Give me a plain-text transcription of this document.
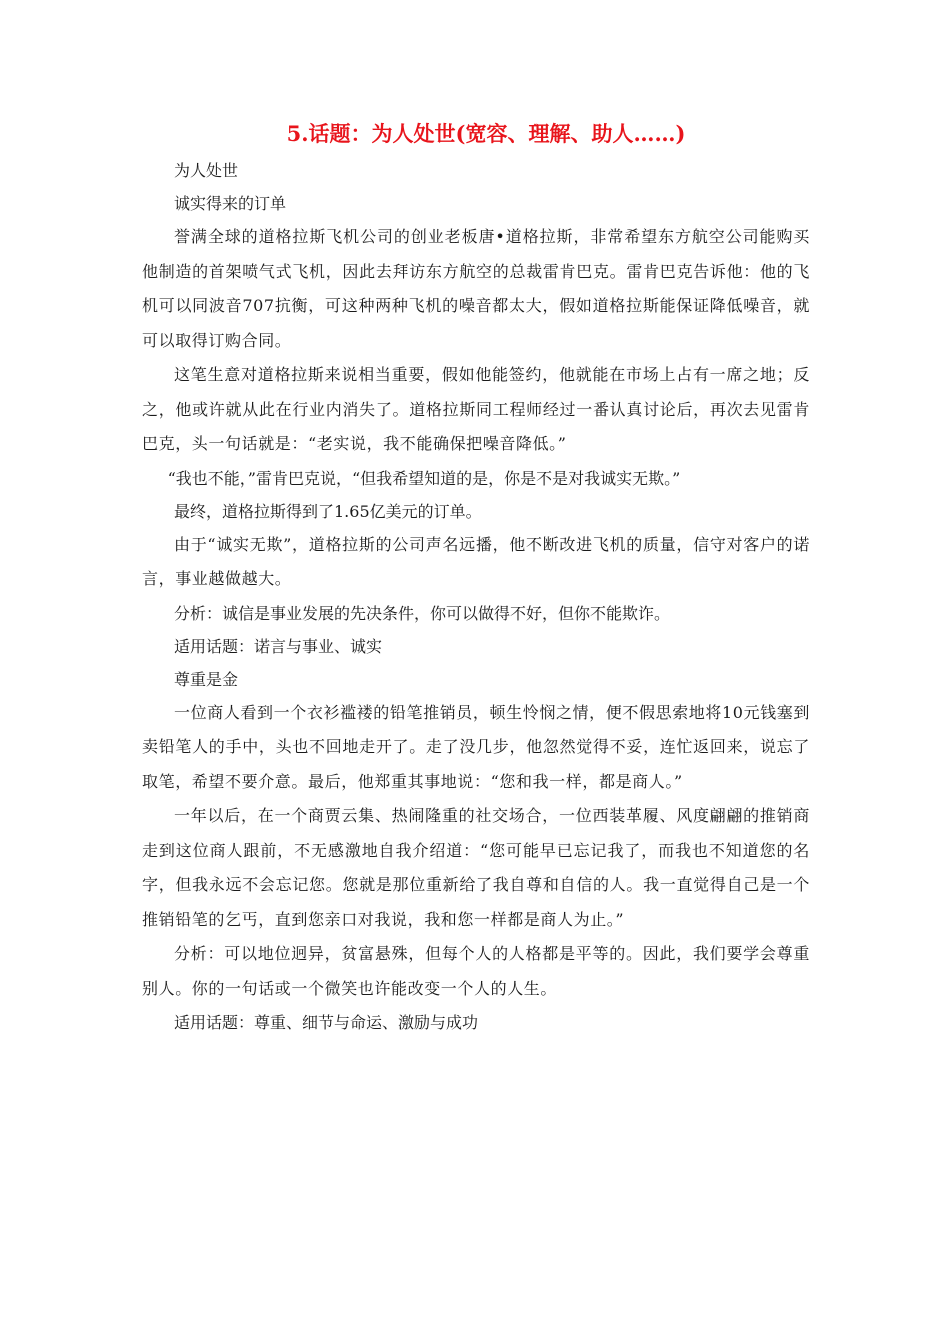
5.话题：为人处世(宽容、理解、助人……)

为人处世

诚实得来的订单

誉满全球的道格拉斯飞机公司的创业老板唐•道格拉斯，非常希望东方航空公司能购买他制造的首架喷气式飞机，因此去拜访东方航空的总裁雷肯巴克。雷肯巴克告诉他：他的飞机可以同波音707抗衡，可这种两种飞机的噪音都太大，假如道格拉斯能保证降低噪音，就可以取得订购合同。

这笔生意对道格拉斯来说相当重要，假如他能签约，他就能在市场上占有一席之地；反之，他或许就从此在行业内消失了。道格拉斯同工程师经过一番认真讨论后，再次去见雷肯巴克，头一句话就是：“老实说，我不能确保把噪音降低。”

“我也不能，”雷肯巴克说，“但我希望知道的是，你是不是对我诚实无欺。”

最终，道格拉斯得到了1.65亿美元的订单。

由于“诚实无欺”，道格拉斯的公司声名远播，他不断改进飞机的质量，信守对客户的诺言，事业越做越大。

分析：诚信是事业发展的先决条件，你可以做得不好，但你不能欺诈。

适用话题：诺言与事业、诚实

尊重是金

一位商人看到一个衣衫褴褛的铅笔推销员，顿生怜悯之情，便不假思索地将10元钱塞到卖铅笔人的手中，头也不回地走开了。走了没几步，他忽然觉得不妥，连忙返回来，说忘了取笔，希望不要介意。最后，他郑重其事地说：“您和我一样，都是商人。”

一年以后，在一个商贾云集、热闹隆重的社交场合，一位西装革履、风度翩翩的推销商走到这位商人跟前，不无感激地自我介绍道：“您可能早已忘记我了，而我也不知道您的名字，但我永远不会忘记您。您就是那位重新给了我自尊和自信的人。我一直觉得自己是一个推销铅笔的乞丐，直到您亲口对我说，我和您一样都是商人为止。”

分析：可以地位迥异，贫富悬殊，但每个人的人格都是平等的。因此，我们要学会尊重别人。你的一句话或一个微笑也许能改变一个人的人生。

适用话题：尊重、细节与命运、激励与成功
